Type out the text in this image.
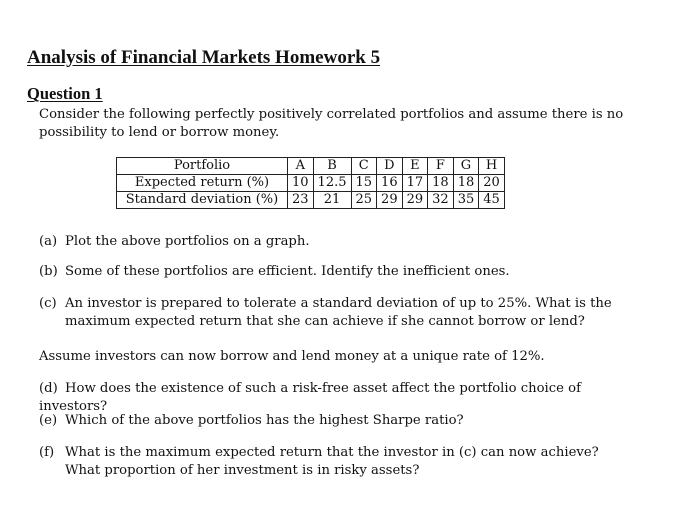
Analysis of Financial Markets Homework 5
Question 1
Consider the following perfectly positively correlated portfolios and assume there is no possibility to lend or borrow money.
Portfolio	A	B	C	D	E	F	G	H
Expected return (%)	10	12.5	15	16	17	18	18	20
Standard deviation (%)	23	21	25	29	29	32	35	45
(a) Plot the above portfolios on a graph.
(b) Some of these portfolios are efficient. Identify the inefficient ones.
(c) An investor is prepared to tolerate a standard deviation of up to 25%. What is the
maximum expected return that she can achieve if she cannot borrow or lend?
Assume investors can now borrow and lend money at a unique rate of 12%.
(d) How does the existence of such a risk-free asset affect the portfolio choice of investors?
(e) Which of the above portfolios has the highest Sharpe ratio?
(f) What is the maximum expected return that the investor in (c) can now achieve?
What proportion of her investment is in risky assets?
